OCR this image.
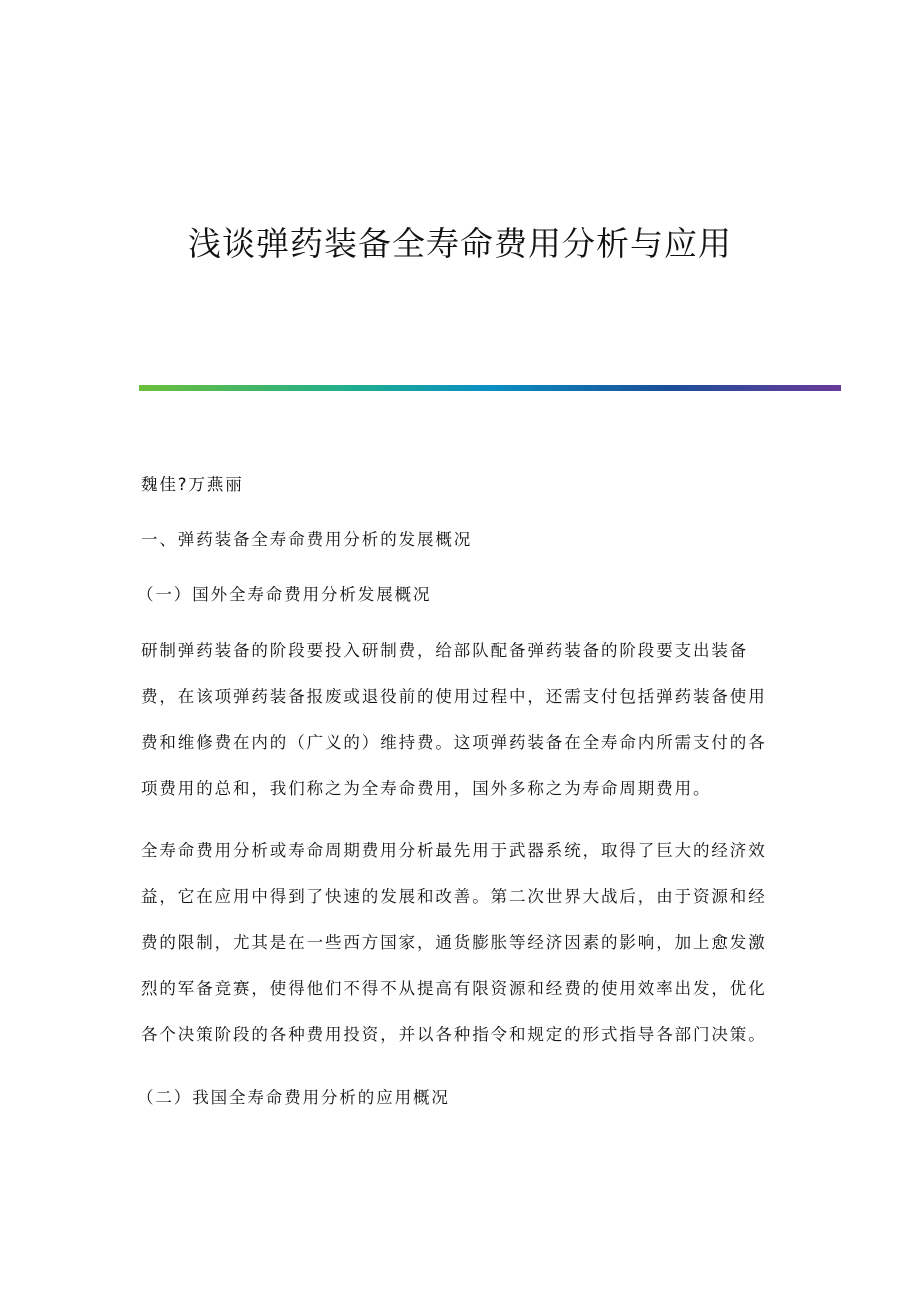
浅谈弹药装备全寿命费用分析与应用
魏佳?万燕丽
一、弹药装备全寿命费用分析的发展概况
（一）国外全寿命费用分析发展概况
研制弹药装备的阶段要投入研制费，给部队配备弹药装备的阶段要支出装备
费，在该项弹药装备报废或退役前的使用过程中，还需支付包括弹药装备使用
费和维修费在内的（广义的）维持费。这项弹药装备在全寿命内所需支付的各
项费用的总和，我们称之为全寿命费用，国外多称之为寿命周期费用。
全寿命费用分析或寿命周期费用分析最先用于武器系统，取得了巨大的经济效
益，它在应用中得到了快速的发展和改善。第二次世界大战后，由于资源和经
费的限制，尤其是在一些西方国家，通货膨胀等经济因素的影响，加上愈发激
烈的军备竞赛，使得他们不得不从提高有限资源和经费的使用效率出发，优化
各个决策阶段的各种费用投资，并以各种指令和规定的形式指导各部门决策。
（二）我国全寿命费用分析的应用概况
